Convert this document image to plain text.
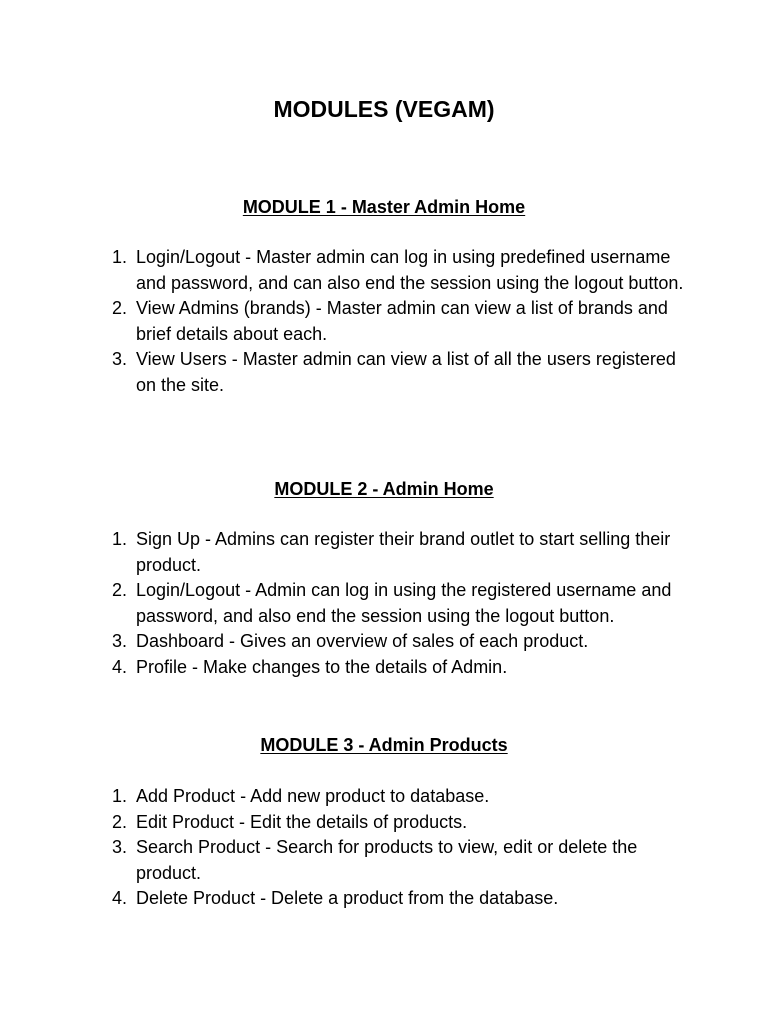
MODULES (VEGAM)
MODULE 1 - Master Admin Home
1. Login/Logout - Master admin can log in using predefined username and password, and can also end the session using the logout button.
2. View Admins (brands) - Master admin can view a list of brands and brief details about each.
3. View Users - Master admin can view a list of all the users registered on the site.
MODULE 2 - Admin Home
1. Sign Up - Admins can register their brand outlet to start selling their product.
2. Login/Logout - Admin can log in using the registered username and password, and also end the session using the logout button.
3. Dashboard - Gives an overview of sales of each product.
4. Profile - Make changes to the details of Admin.
MODULE 3 - Admin Products
1. Add Product - Add new product to database.
2. Edit Product - Edit the details of products.
3. Search Product - Search for products to view, edit or delete the product.
4. Delete Product - Delete a product from the database.
